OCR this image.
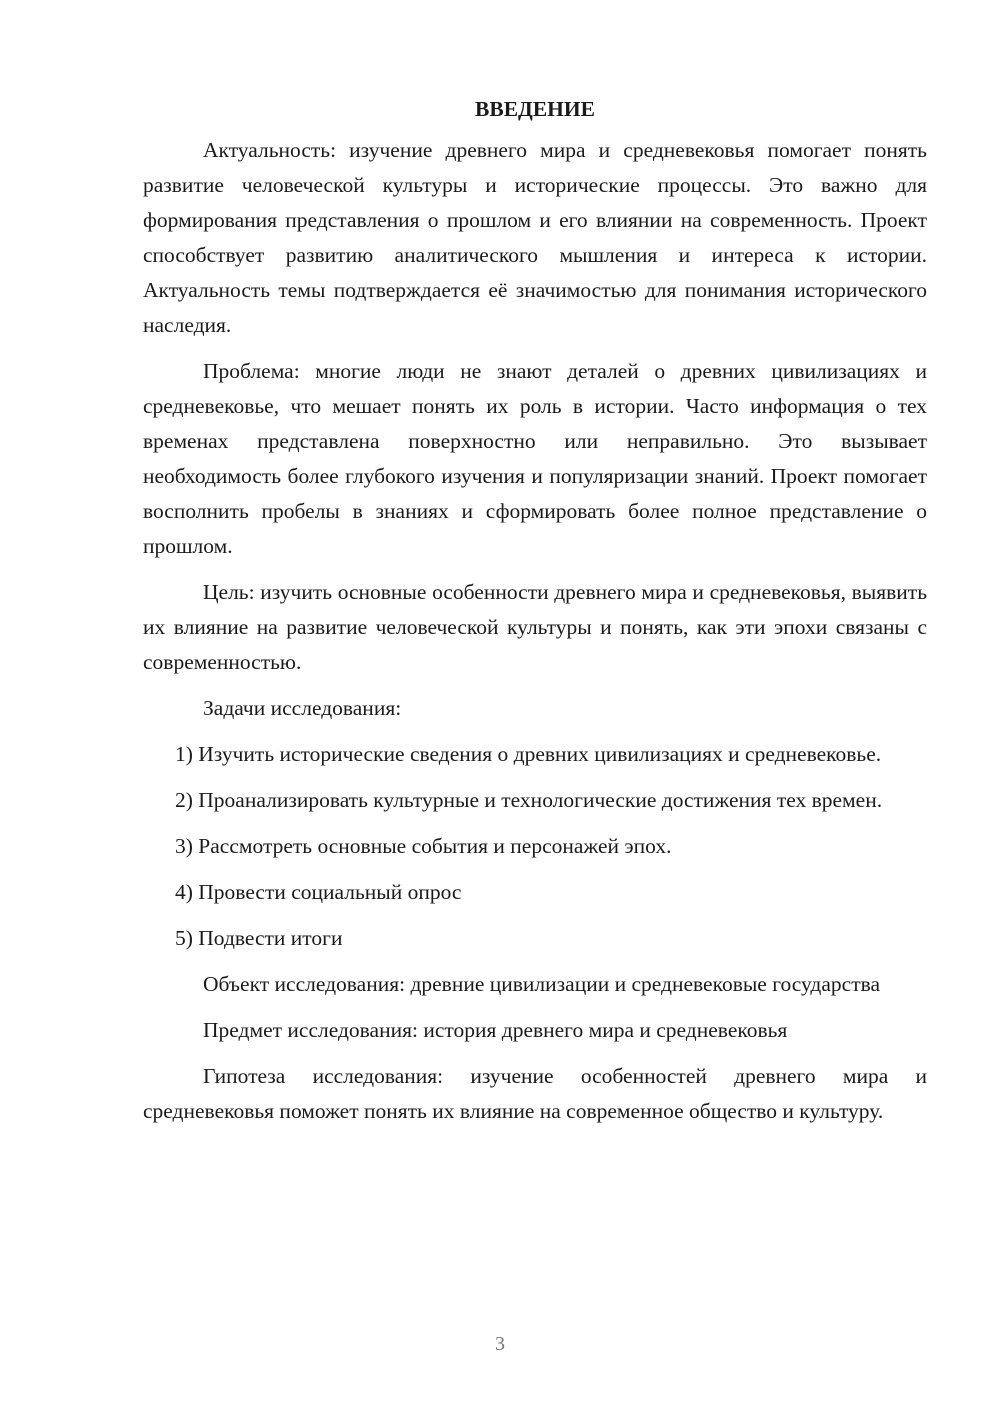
ВВЕДЕНИЕ

Актуальность: изучение древнего мира и средневековья помогает понять развитие человеческой культуры и исторические процессы. Это важно для формирования представления о прошлом и его влиянии на современность. Проект способствует развитию аналитического мышления и интереса к истории. Актуальность темы подтверждается её значимостью для понимания исторического наследия.

Проблема: многие люди не знают деталей о древних цивилизациях и средневековье, что мешает понять их роль в истории. Часто информация о тех временах представлена поверхностно или неправильно. Это вызывает необходимость более глубокого изучения и популяризации знаний. Проект помогает восполнить пробелы в знаниях и сформировать более полное представление о прошлом.

Цель: изучить основные особенности древнего мира и средневековья, выявить их влияние на развитие человеческой культуры и понять, как эти эпохи связаны с современностью.

Задачи исследования:

1) Изучить исторические сведения о древних цивилизациях и средневековье.

2) Проанализировать культурные и технологические достижения тех времен.

3) Рассмотреть основные события и персонажей эпох.

4) Провести социальный опрос

5) Подвести итоги

Объект исследования: древние цивилизации и средневековые государства

Предмет исследования: история древнего мира и средневековья

Гипотеза исследования: изучение особенностей древнего мира и средневековья поможет понять их влияние на современное общество и культуру.

3
